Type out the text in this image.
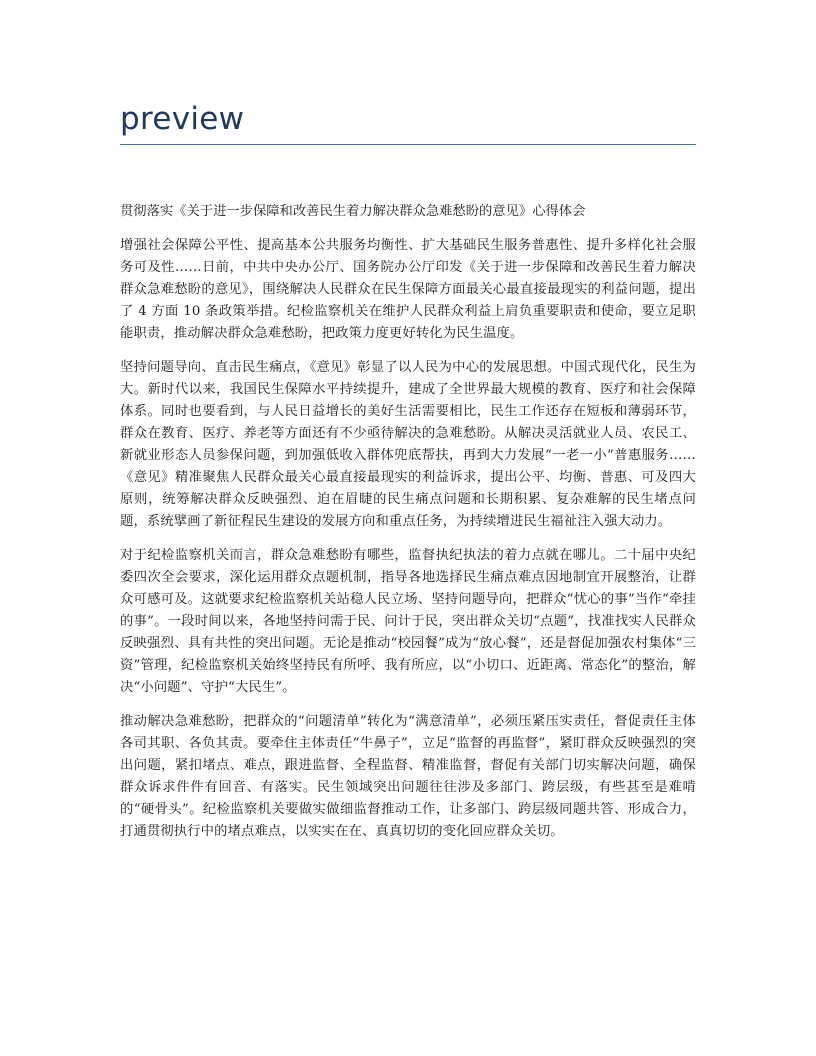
preview

贯彻落实《关于进一步保障和改善民生着力解决群众急难愁盼的意见》心得体会

增强社会保障公平性、提高基本公共服务均衡性、扩大基础民生服务普惠性、提升多样化社会服务可及性……日前，中共中央办公厅、国务院办公厅印发《关于进一步保障和改善民生着力解决群众急难愁盼的意见》，围绕解决人民群众在民生保障方面最关心最直接最现实的利益问题，提出了 4 方面 10 条政策举措。纪检监察机关在维护人民群众利益上肩负重要职责和使命，要立足职能职责，推动解决群众急难愁盼，把政策力度更好转化为民生温度。

坚持问题导向、直击民生痛点，《意见》彰显了以人民为中心的发展思想。中国式现代化，民生为大。新时代以来，我国民生保障水平持续提升，建成了全世界最大规模的教育、医疗和社会保障体系。同时也要看到，与人民日益增长的美好生活需要相比，民生工作还存在短板和薄弱环节，群众在教育、医疗、养老等方面还有不少亟待解决的急难愁盼。从解决灵活就业人员、农民工、新就业形态人员参保问题，到加强低收入群体兜底帮扶，再到大力发展“一老一小”普惠服务……《意见》精准聚焦人民群众最关心最直接最现实的利益诉求，提出公平、均衡、普惠、可及四大原则，统筹解决群众反映强烈、迫在眉睫的民生痛点问题和长期积累、复杂难解的民生堵点问题，系统擘画了新征程民生建设的发展方向和重点任务，为持续增进民生福祉注入强大动力。

对于纪检监察机关而言，群众急难愁盼有哪些，监督执纪执法的着力点就在哪儿。二十届中央纪委四次全会要求，深化运用群众点题机制，指导各地选择民生痛点难点因地制宜开展整治，让群众可感可及。这就要求纪检监察机关站稳人民立场、坚持问题导向，把群众“忧心的事”当作“牵挂的事”。一段时间以来，各地坚持问需于民、问计于民，突出群众关切“点题”，找准找实人民群众反映强烈、具有共性的突出问题。无论是推动“校园餐”成为“放心餐”，还是督促加强农村集体“三资”管理，纪检监察机关始终坚持民有所呼、我有所应，以“小切口、近距离、常态化”的整治，解决“小问题”、守护“大民生”。

推动解决急难愁盼，把群众的“问题清单”转化为“满意清单”，必须压紧压实责任，督促责任主体各司其职、各负其责。要牵住主体责任“牛鼻子”，立足“监督的再监督”，紧盯群众反映强烈的突出问题，紧扣堵点、难点，跟进监督、全程监督、精准监督，督促有关部门切实解决问题，确保群众诉求件件有回音、有落实。民生领域突出问题往往涉及多部门、跨层级，有些甚至是难啃的“硬骨头”。纪检监察机关要做实做细监督推动工作，让多部门、跨层级同题共答、形成合力，打通贯彻执行中的堵点难点，以实实在在、真真切切的变化回应群众关切。
